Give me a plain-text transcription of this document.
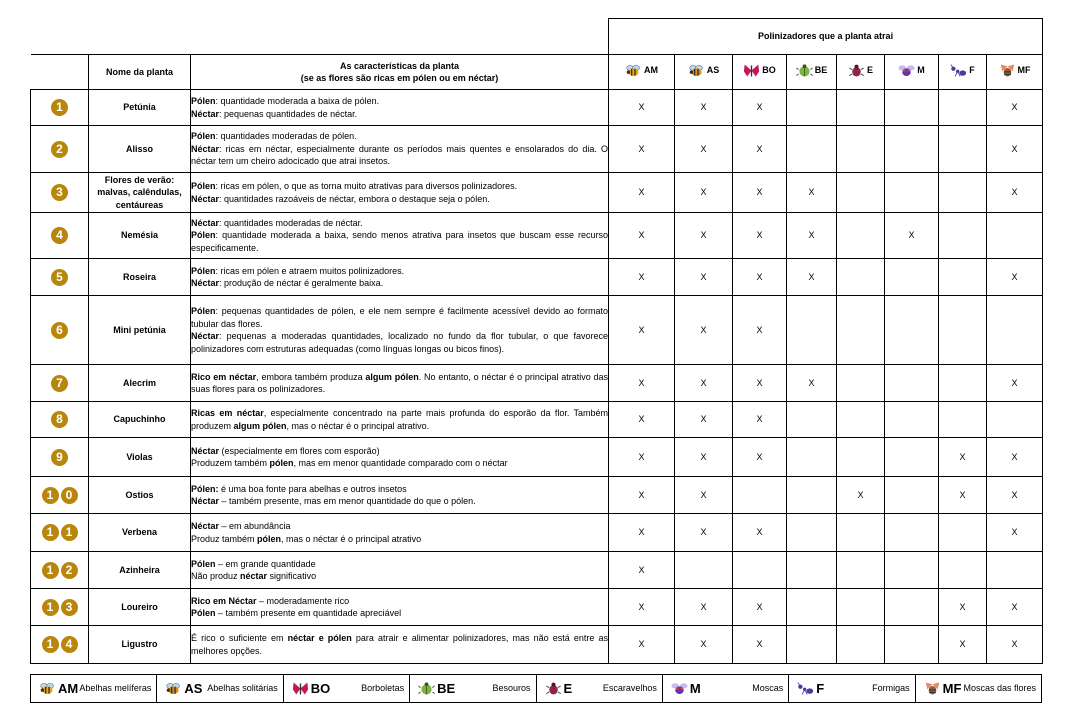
			Polinizadores que a planta atrai							
	Nome da planta	As características da planta
(se as flores são ricas em pólen ou em néctar)	AM	AS	BO	BE	E	M	F	MF

1	Petúnia	Pólen: quantidade moderada a baixa de pólen.
Néctar: pequenas quantidades de néctar.	X	X	X					X
2	Alisso	Pólen: quantidades moderadas de pólen.
Néctar: ricas em néctar, especialmente durante os períodos mais quentes e ensolarados do dia. O néctar tem um cheiro adocicado que atrai insetos.	X	X	X					X
3	Flores de verão: malvas, calêndulas, centáureas	Pólen: ricas em pólen, o que as torna muito atrativas para diversos polinizadores.
Néctar: quantidades razoáveis de néctar, embora o destaque seja o pólen.	X	X	X	X				X
4	Nemésia	Néctar: quantidades moderadas de néctar.
Pólen: quantidade moderada a baixa, sendo menos atrativa para insetos que buscam esse recurso especificamente.	X	X	X	X		X		
5	Roseira	Pólen: ricas em pólen e atraem muitos polinizadores.
Néctar: produção de néctar é geralmente baixa.	X	X	X	X				X
6	Mini petúnia	Pólen: pequenas quantidades de pólen, e ele nem sempre é facilmente acessível devido ao formato tubular das flores.
Néctar: pequenas a moderadas quantidades, localizado no fundo da flor tubular, o que favorece polinizadores com estruturas adequadas (como línguas longas ou bicos finos).	X	X	X					
7	Alecrim	Rico em néctar, embora também produza algum pólen. No entanto, o néctar é o principal atrativo das suas flores para os polinizadores.	X	X	X	X				X
8	Capuchinho	Ricas em néctar, especialmente concentrado na parte mais profunda do esporão da flor. Também produzem algum pólen, mas o néctar é o principal atrativo.	X	X	X					
9	Violas	Néctar (especialmente em flores com esporão)
Produzem também pólen, mas em menor quantidade comparado com o néctar	X	X	X				X	X
1 0	Ostios	Pólen: é uma boa fonte para abelhas e outros insetos
Néctar – também presente, mas em menor quantidade do que o pólen.	X	X			X		X	X
1 1	Verbena	Néctar – em abundância
Produz também pólen, mas o néctar é o principal atrativo	X	X	X					X
1 2	Azinheira	Pólen – em grande quantidade
Não produz néctar significativo	X							
1 3	Loureiro	Rico em Néctar – moderadamente rico
Pólen – também presente em quantidade apreciável	X	X	X				X	X
1 4	Ligustro	É rico o suficiente em néctar e pólen para atrair e alimentar polinizadores, mas não está entre as melhores opções.	X	X	X				X	X
AM Abelhas melíferas	AS Abelhas solitárias	BO	Borboletas	BE	Besouros	E	Escaravelhos	M	Moscas	F	Formigas	MF Moscas das flores
